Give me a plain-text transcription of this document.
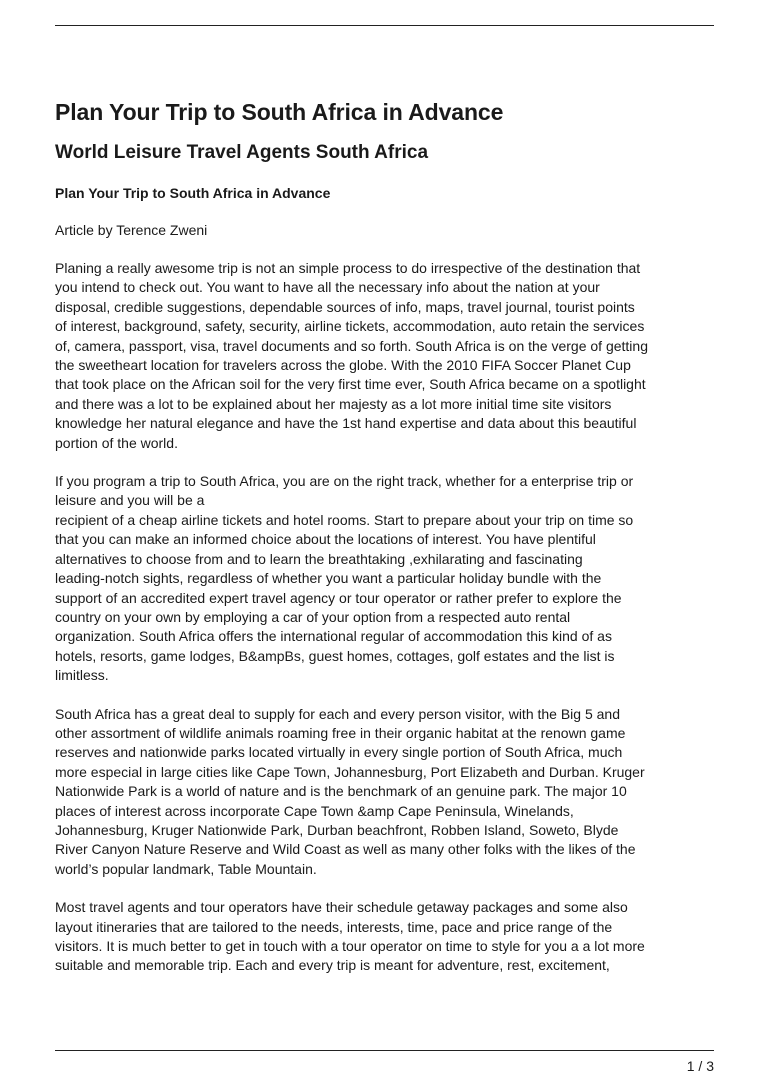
Plan Your Trip to South Africa in Advance
World Leisure Travel Agents South Africa
Plan Your Trip to South Africa in Advance

Article by Terence Zweni

Planing a really awesome trip is not an simple process to do irrespective of the destination that
you intend to check out. You want to have all the necessary info about the nation at your
disposal, credible suggestions, dependable sources of info, maps, travel journal, tourist points
of interest, background, safety, security, airline tickets, accommodation, auto retain the services
of, camera, passport, visa, travel documents and so forth. South Africa is on the verge of getting
the sweetheart location for travelers across the globe. With the 2010 FIFA Soccer Planet Cup
that took place on the African soil for the very first time ever, South Africa became on a spotlight
and there was a lot to be explained about her majesty as a lot more initial time site visitors
knowledge her natural elegance and have the 1st hand expertise and data about this beautiful
portion of the world.

If you program a trip to South Africa, you are on the right track, whether for a enterprise trip or
leisure and you will be a
recipient of a cheap airline tickets and hotel rooms. Start to prepare about your trip on time so
that you can make an informed choice about the locations of interest. You have plentiful
alternatives to choose from and to learn the breathtaking ,exhilarating and fascinating
leading-notch sights, regardless of whether you want a particular holiday bundle with the
support of an accredited expert travel agency or tour operator or rather prefer to explore the
country on your own by employing a car of your option from a respected auto rental
organization. South Africa offers the international regular of accommodation this kind of as
hotels, resorts, game lodges, B&ampBs, guest homes, cottages, golf estates and the list is
limitless.

South Africa has a great deal to supply for each and every person visitor, with the Big 5 and
other assortment of wildlife animals roaming free in their organic habitat at the renown game
reserves and nationwide parks located virtually in every single portion of South Africa, much
more especial in large cities like Cape Town, Johannesburg, Port Elizabeth and Durban. Kruger
Nationwide Park is a world of nature and is the benchmark of an genuine park. The major 10
places of interest across incorporate Cape Town &amp Cape Peninsula, Winelands,
Johannesburg, Kruger Nationwide Park, Durban beachfront, Robben Island, Soweto, Blyde
River Canyon Nature Reserve and Wild Coast as well as many other folks with the likes of the
world’s popular landmark, Table Mountain.

Most travel agents and tour operators have their schedule getaway packages and some also
layout itineraries that are tailored to the needs, interests, time, pace and price range of the
visitors. It is much better to get in touch with a tour operator on time to style for you a a lot more
suitable and memorable trip. Each and every trip is meant for adventure, rest, excitement,

1 / 3
